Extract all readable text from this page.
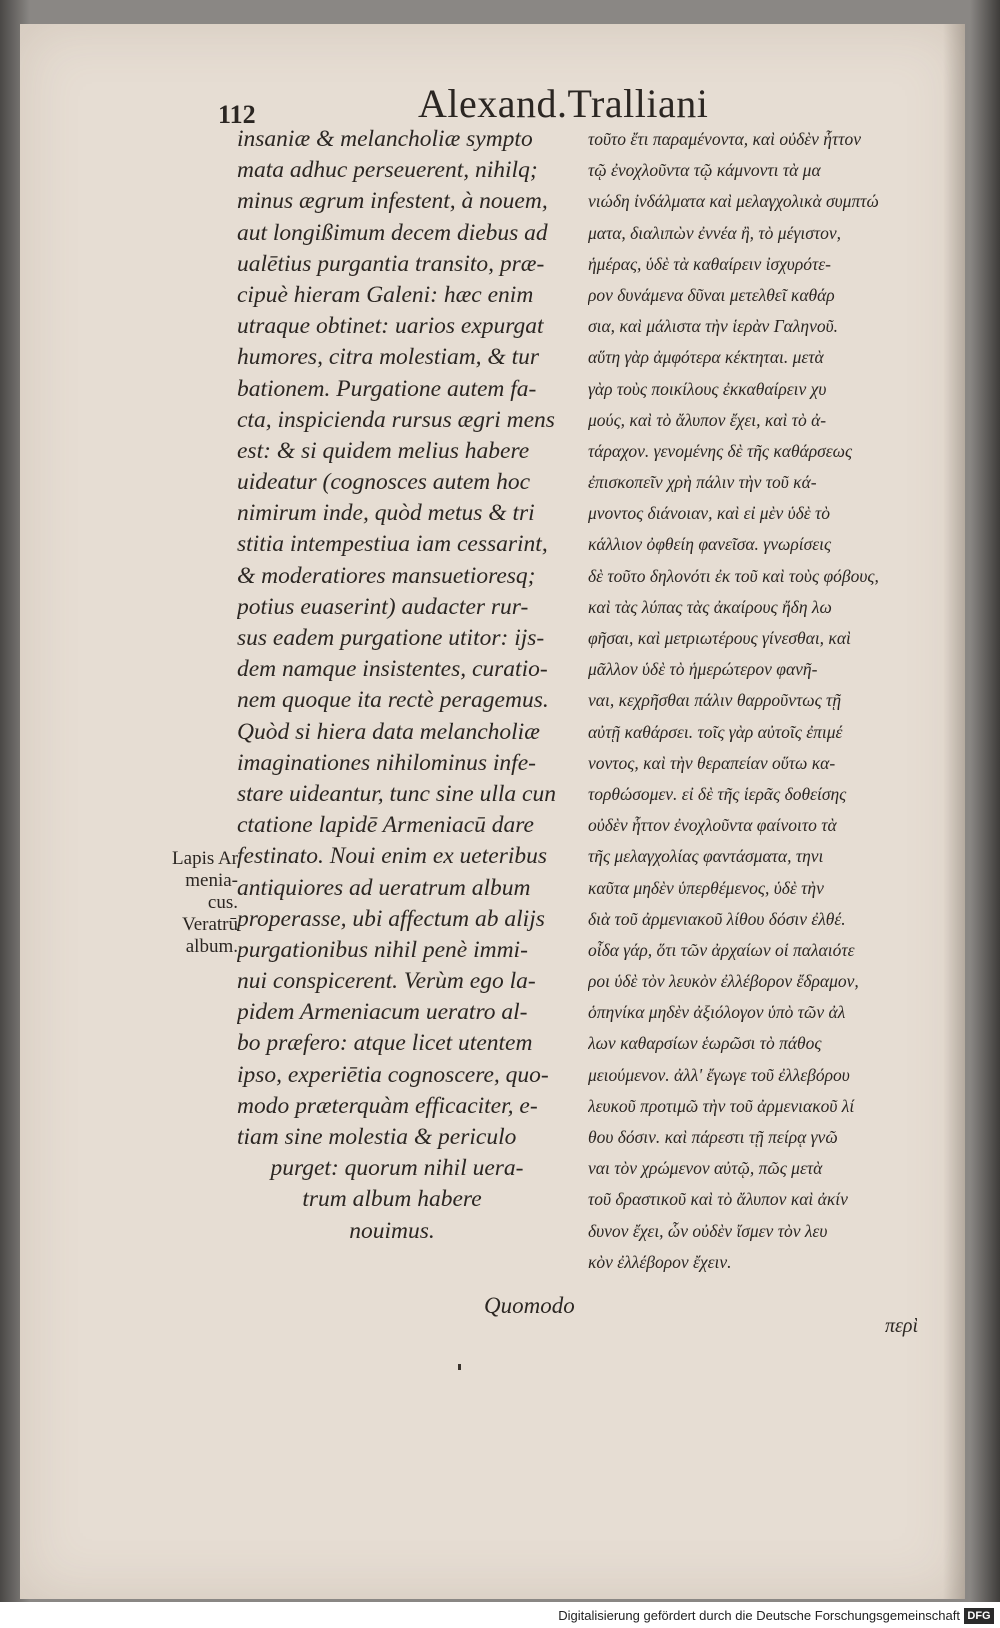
112	Alexand.Tralliani
insaniæ & melancholiæ sympto
mata adhuc perseuerent, nihilq;
minus ægrum infestent, à nouem,
aut longißimum decem diebus ad
ualētius purgantia transito, præ-
cipuè hieram Galeni: hæc enim
utraque obtinet: uarios expurgat
humores, citra molestiam, & tur
bationem. Purgatione autem fa-
cta, inspicienda rursus ægri mens
est: & si quidem melius habere
uideatur (cognosces autem hoc
nimirum inde, quòd metus & tri
stitia intempestiua iam cessarint,
& moderatiores mansuetioresq;
potius euaserint) audacter rur-
sus eadem purgatione utitor: ijs-
dem namque insistentes, curatio-
nem quoque ita rectè peragemus.
Quòd si hiera data melancholiæ
imaginationes nihilominus infe-
stare uideantur, tunc sine ulla cun
ctatione lapidē Armeniacū dare
festinato. Noui enim ex ueteribus
antiquiores ad ueratrum album
properasse, ubi affectum ab alijs
purgationibus nihil penè immi-
nui conspicerent. Verùm ego la-
pidem Armeniacum ueratro al-
bo præfero: atque licet utentem
ipso, experiētia cognoscere, quo-
modo præterquàm efficaciter, e-
tiam sine molestia & periculo
purget: quorum nihil uera-
trum album habere
nouimus.
Quomodo
τοῦτο ἔτι παραμένοντα, καὶ οὐδὲν ἧττον
τῷ ἐνοχλοῦντα τῷ κάμνοντι τὰ μα
νιώδη ἰνδάλματα καὶ μελαγχολικὰ συμπτώ
ματα, διαλιπὼν ἐννέα ἢ, τὸ μέγιστον,
ἡμέρας, ὑδὲ τὰ καθαίρειν ἰσχυρότε-
ρον δυνάμενα δῦναι μετελθεῖ καθάρ
σια, καὶ μάλιστα τὴν ἱερὰν Γαληνοῦ.
αὕτη γὰρ ἀμφότερα κέκτηται. μετὰ
γὰρ τοὺς ποικίλους ἐκκαθαίρειν χυ
μούς, καὶ τὸ ἄλυπον ἔχει, καὶ τὸ ἀ-
τάραχον. γενομένης δὲ τῆς καθάρσεως
ἐπισκοπεῖν χρὴ πάλιν τὴν τοῦ κά-
μνοντος διάνοιαν, καὶ εἰ μὲν ὑδὲ τὸ
κάλλιον ὀφθείη φανεῖσα. γνωρίσεις
δὲ τοῦτο δηλονότι ἐκ τοῦ καὶ τοὺς φόβους,
καὶ τὰς λύπας τὰς ἀκαίρους ἤδη λω
φῆσαι, καὶ μετριωτέρους γίνεσθαι, καὶ
μᾶλλον ὑδὲ τὸ ἡμερώτερον φανῆ-
ναι, κεχρῆσθαι πάλιν θαρροῦντως τῇ
αὐτῇ καθάρσει. τοῖς γὰρ αὐτοῖς ἐπιμέ
νοντος, καὶ τὴν θεραπείαν οὕτω κα-
τορθώσομεν. εἰ δὲ τῆς ἱερᾶς δοθείσης
οὐδὲν ἧττον ἐνοχλοῦντα φαίνοιτο τὰ
τῆς μελαγχολίας φαντάσματα, τηνι
καῦτα μηδὲν ὑπερθέμενος, ὑδὲ τὴν
διὰ τοῦ ἀρμενιακοῦ λίθου δόσιν ἐλθέ.
οἶδα γάρ, ὅτι τῶν ἀρχαίων οἱ παλαιότε
ροι ὑδὲ τὸν λευκὸν ἐλλέβορον ἔδραμον,
ὁπηνίκα μηδὲν ἀξιόλογον ὑπὸ τῶν ἀλ
λων καθαρσίων ἑωρῶσι τὸ πάθος
μειούμενον. ἀλλ' ἔγωγε τοῦ ἐλλεβόρου
λευκοῦ προτιμῶ τὴν τοῦ ἀρμενιακοῦ λί
θου δόσιν. καὶ πάρεστι τῇ πείρᾳ γνῶ
ναι τὸν χρώμενον αὐτῷ, πῶς μετὰ
τοῦ δραστικοῦ καὶ τὸ ἄλυπον καὶ ἀκίν
δυνον ἔχει, ὧν οὐδὲν ἴσμεν τὸν λευ
κὸν ἐλλέβορον ἔχειν.
περὶ
Lapis Ar
menia-
cus.
Veratrū
album.
Digitalisierung gefördert durch die Deutsche Forschungsgemeinschaft DFG
